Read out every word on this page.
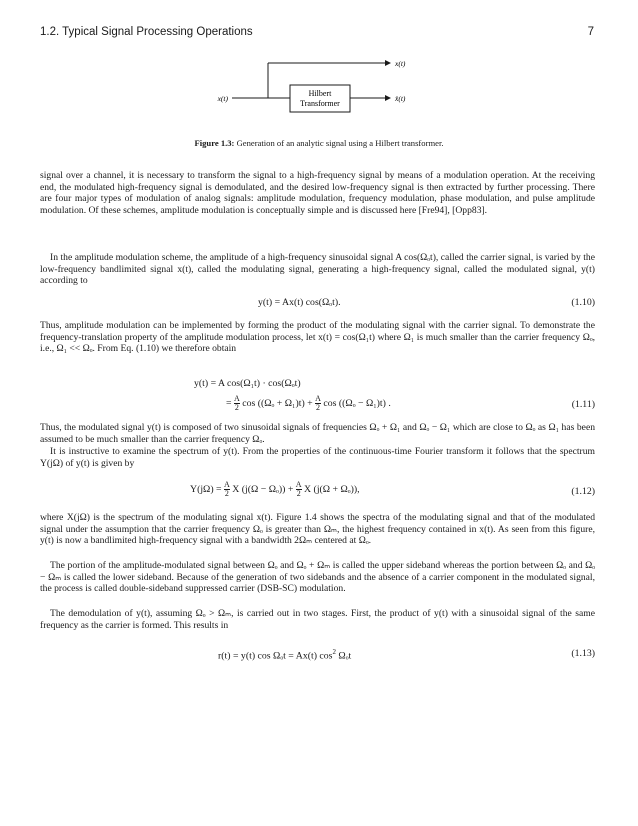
1.2. Typical Signal Processing Operations	7
x(t)
Hilbert
Transformer
x(t)
x̂(t)
Figure 1.3: Generation of an analytic signal using a Hilbert transformer.
signal over a channel, it is necessary to transform the signal to a high-frequency signal by means of a modulation operation. At the receiving end, the modulated high-frequency signal is demodulated, and the desired low-frequency signal is then extracted by further processing. There are four major types of modulation of analog signals: amplitude modulation, frequency modulation, phase modulation, and pulse amplitude modulation. Of these schemes, amplitude modulation is conceptually simple and is discussed here [Fre94], [Opp83].
In the amplitude modulation scheme, the amplitude of a high-frequency sinusoidal signal A cos(Ωₒt), called the carrier signal, is varied by the low-frequency bandlimited signal x(t), called the modulating signal, generating a high-frequency signal, called the modulated signal, y(t) according to
y(t) = Ax(t) cos(Ωₒt).	(1.10)
Thus, amplitude modulation can be implemented by forming the product of the modulating signal with the carrier signal. To demonstrate the frequency-translation property of the amplitude modulation process, let x(t) = cos(Ω₁t) where Ω₁ is much smaller than the carrier frequency Ωₒ, i.e., Ω₁ << Ωₒ. From Eq. (1.10) we therefore obtain
y(t) = A cos(Ω₁t) · cos(Ωₒt)
= $\frac{A}{2}$ $\cos ((\Omega_o + \Omega_1)t) + \frac{A}{2}$ cos ((Ωₒ − Ω₁)t) .	(1.11)
Thus, the modulated signal y(t) is composed of two sinusoidal signals of frequencies Ωₒ + Ω₁ and Ωₒ − Ω₁ which are close to Ωₒ as Ω₁ has been assumed to be much smaller than the carrier frequency Ωₒ.
It is instructive to examine the spectrum of y(t). From the properties of the continuous-time Fourier transform it follows that the spectrum Y(jΩ) of y(t) is given by
$Y(j\Omega) = \frac{A}{2}$ X $(j(\Omega - \Omega_o)) + \frac{A}{2}$ X (j(Ω + Ωₒ)),	(1.12)
where X(jΩ) is the spectrum of the modulating signal x(t). Figure 1.4 shows the spectra of the modulating signal and that of the modulated signal under the assumption that the carrier frequency Ωₒ is greater than Ωₘ, the highest frequency contained in x(t). As seen from this figure, y(t) is now a bandlimited high-frequency signal with a bandwidth 2Ωₘ centered at Ωₒ.
The portion of the amplitude-modulated signal between Ωₒ and Ωₒ + Ωₘ is called the upper sideband whereas the portion between Ωₒ and Ωₒ − Ωₘ is called the lower sideband. Because of the generation of two sidebands and the absence of a carrier component in the modulated signal, the process is called double-sideband suppressed carrier (DSB-SC) modulation.
The demodulation of y(t), assuming Ωₒ > Ωₘ, is carried out in two stages. First, the product of y(t) with a sinusoidal signal of the same frequency as the carrier is formed. This results in
r(t) = y(t) cos Ωₒt = Ax(t) $\cos^2 \Omega_ot$	(1.13)
